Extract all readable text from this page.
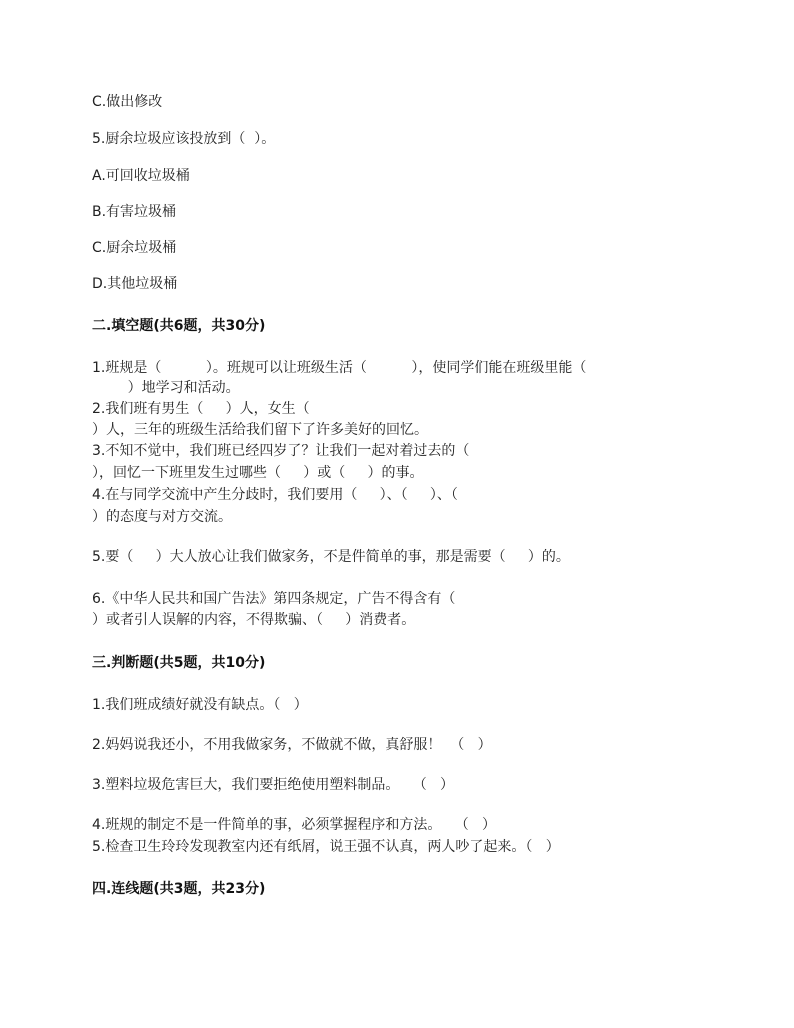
C.做出修改

5.厨余垃圾应该投放到（  ）。

A.可回收垃圾桶

B.有害垃圾桶

C.厨余垃圾桶

D.其他垃圾桶

二.填空题(共6题，共30分)

1.班规是（          ）。班规可以让班级生活（          ），使同学们能在班级里能（

）地学习和活动。

2.我们班有男生（     ）人，女生（

）人，三年的班级生活给我们留下了许多美好的回忆。

3.不知不觉中，我们班已经四岁了？让我们一起对着过去的（

），回忆一下班里发生过哪些（     ）或（     ）的事。

4.在与同学交流中产生分歧时，我们要用（     ）、（     ）、（

）的态度与对方交流。

5.要（     ）大人放心让我们做家务，不是件简单的事，那是需要（     ）的。

6.《中华人民共和国广告法》第四条规定，广告不得含有（

）或者引人误解的内容，不得欺骗、（     ）消费者。

三.判断题(共5题，共10分)

1.我们班成绩好就没有缺点。（   ）

2.妈妈说我还小，不用我做家务，不做就不做，真舒服！  （   ）

3.塑料垃圾危害巨大，我们要拒绝使用塑料制品。   （   ）

4.班规的制定不是一件简单的事，必须掌握程序和方法。   （   ）

5.检查卫生玲玲发现教室内还有纸屑，说王强不认真，两人吵了起来。（   ）

四.连线题(共3题，共23分)
